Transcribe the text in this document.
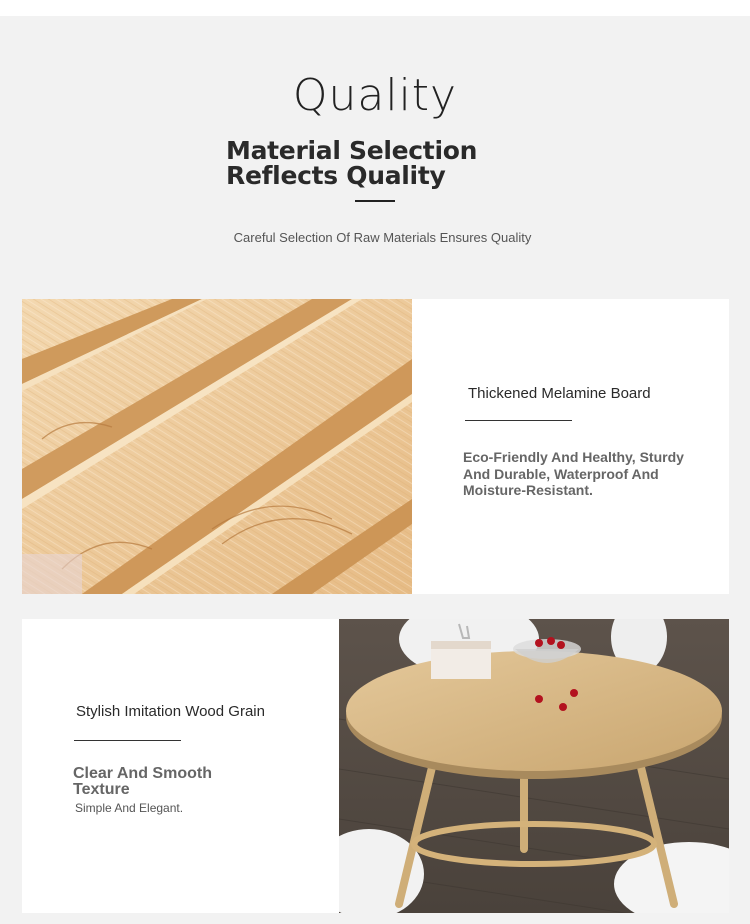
Quality
Material Selection Reflects Quality
Careful Selection Of Raw Materials Ensures Quality
Thickened Melamine Board
Eco-Friendly And Healthy, Sturdy And Durable, Waterproof And Moisture-Resistant.
Stylish Imitation Wood Grain
Clear And Smooth Texture
Simple And Elegant.
